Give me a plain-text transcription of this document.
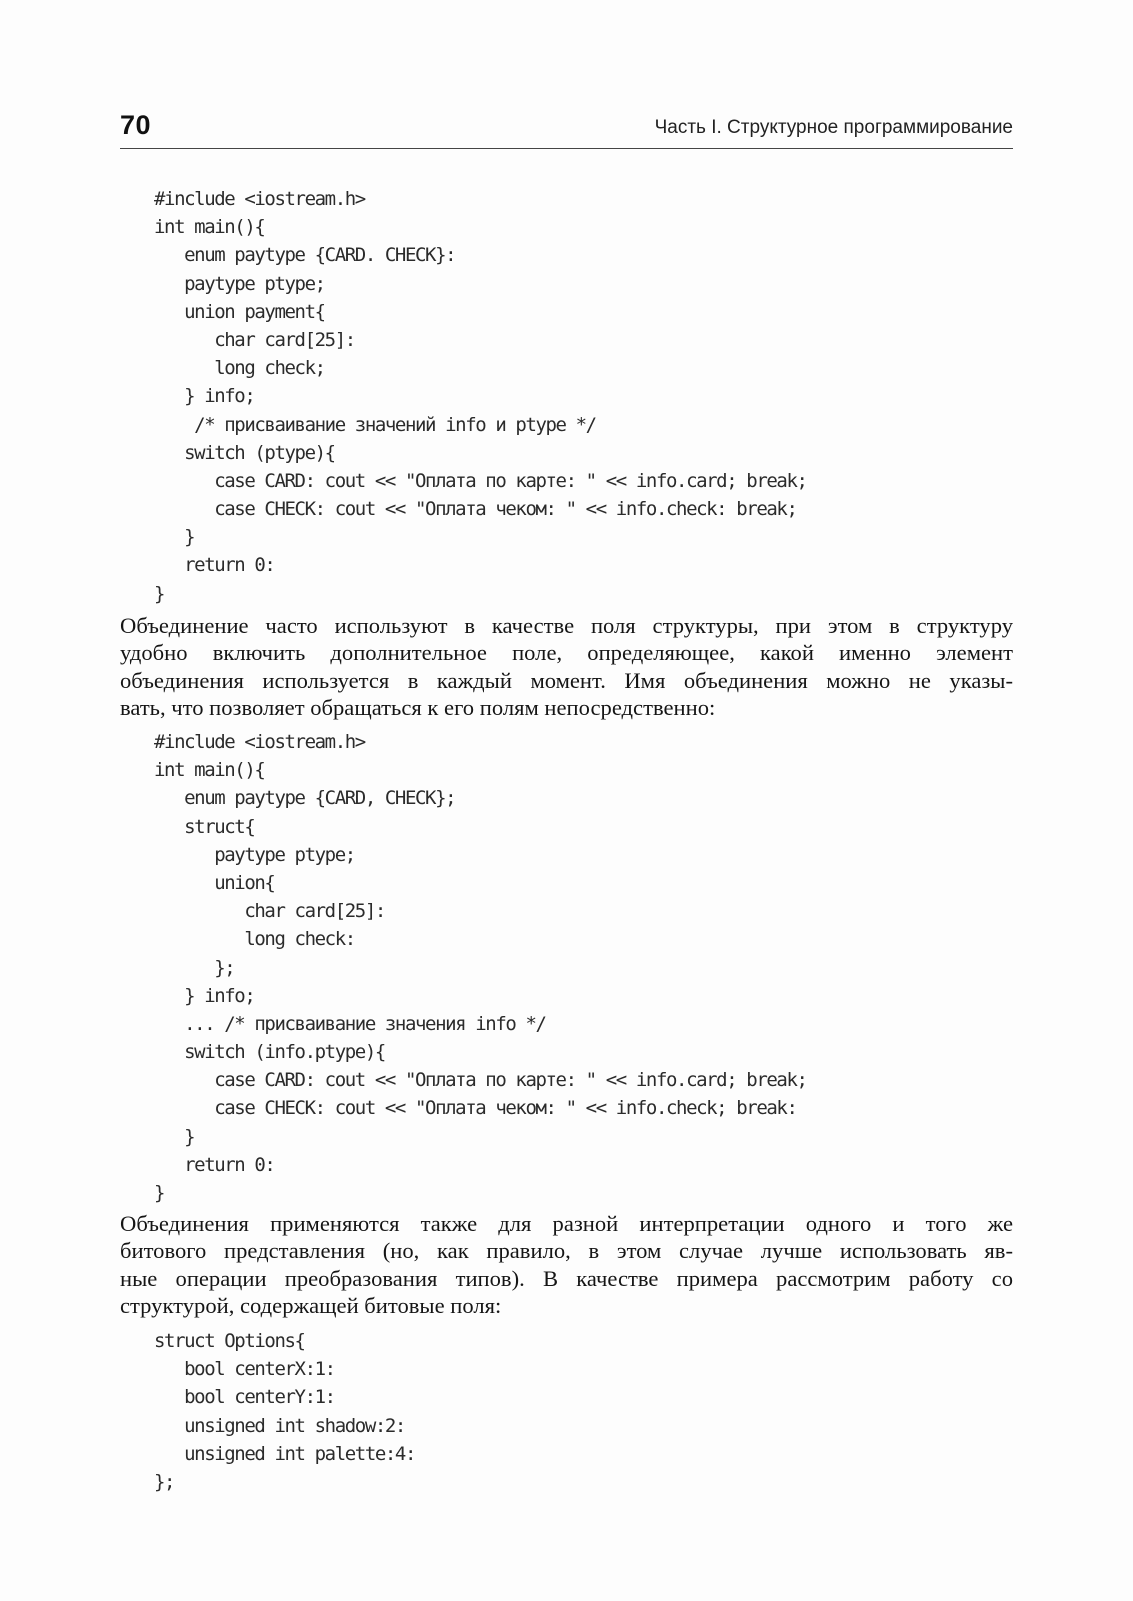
70	Часть I. Структурное программирование
#include <iostream.h>
int main(){
enum paytype {CARD. CHECK}:
paytype ptype;
union payment{
char card[25]:
long check;
} info;
/* присваивание значений info и ptype */
switch (ptype){
case CARD: cout << "Оплата по карте: " << info.card; break;
case CHECK: cout << "Оплата чеком: " << info.check: break;
}
return 0:
}

Объединение часто используют в качестве поля структуры, при этом в структуру
удобно включить дополнительное поле, определяющее, какой именно элемент
объединения используется в каждый момент. Имя объединения можно не указы-
вать, что позволяет обращаться к его полям непосредственно:

#include <iostream.h>
int main(){
enum paytype {CARD, CHECK};
struct{
paytype ptype;
union{
char card[25]:
long check:
};
} info;
... /* присваивание значения info */
switch (info.ptype){
case CARD: cout << "Оплата по карте: " << info.card; break;
case CHECK: cout << "Оплата чеком: " << info.check; break:
}
return 0:
}

Объединения применяются также для разной интерпретации одного и того же
битового представления (но, как правило, в этом случае лучше использовать яв-
ные операции преобразования типов). В качестве примера рассмотрим работу со
структурой, содержащей битовые поля:

struct Options{
bool centerX:1:
bool centerY:1:
unsigned int shadow:2:
unsigned int palette:4:
};
